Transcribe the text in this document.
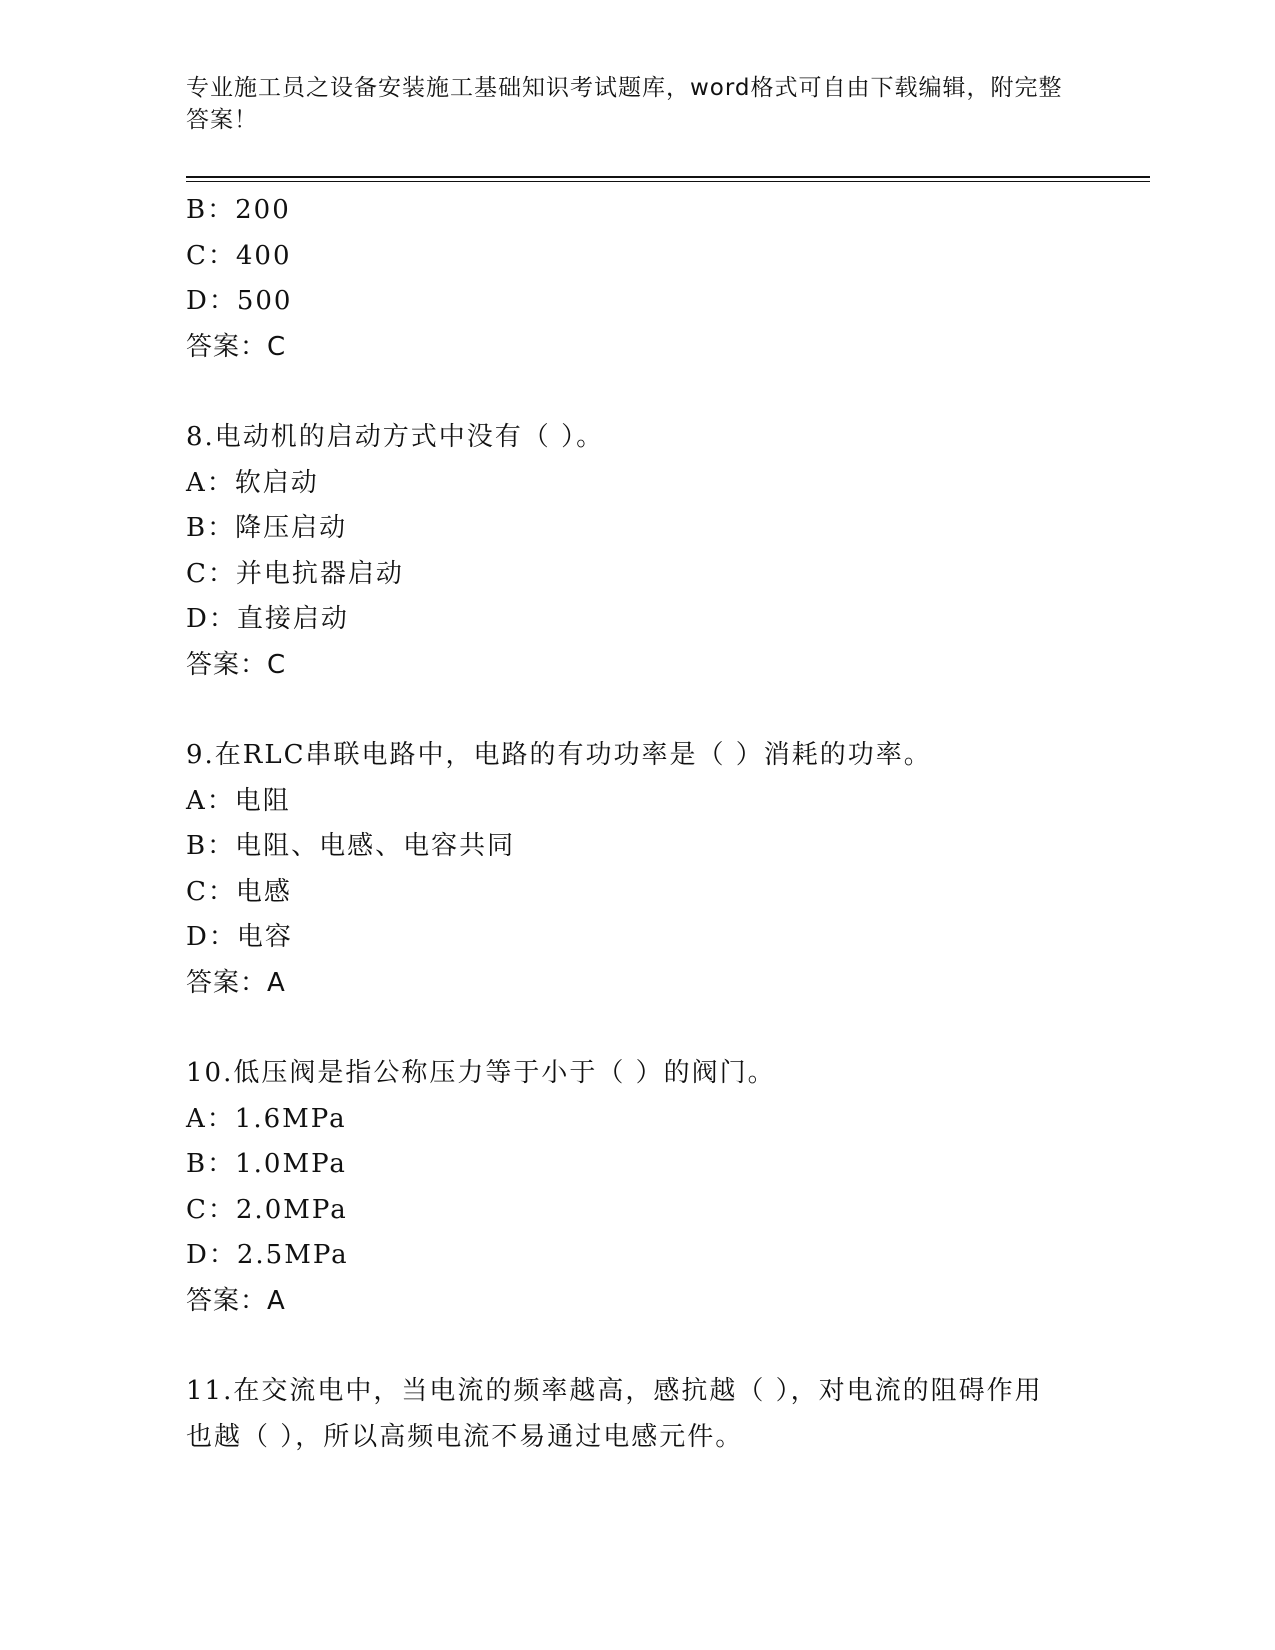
专业施工员之设备安装施工基础知识考试题库，word格式可自由下载编辑，附完整答案！
B：200
C：400
D：500
答案：C
8.电动机的启动方式中没有（ ）。
A：软启动
B：降压启动
C：并电抗器启动
D：直接启动
答案：C
9.在RLC串联电路中，电路的有功功率是（ ）消耗的功率。
A：电阻
B：电阻、电感、电容共同
C：电感
D：电容
答案：A
10.低压阀是指公称压力等于小于（ ）的阀门。
A：1.6MPa
B：1.0MPa
C：2.0MPa
D：2.5MPa
答案：A
11.在交流电中，当电流的频率越高，感抗越（ ），对电流的阻碍作用也越（ ），所以高频电流不易通过电感元件。
